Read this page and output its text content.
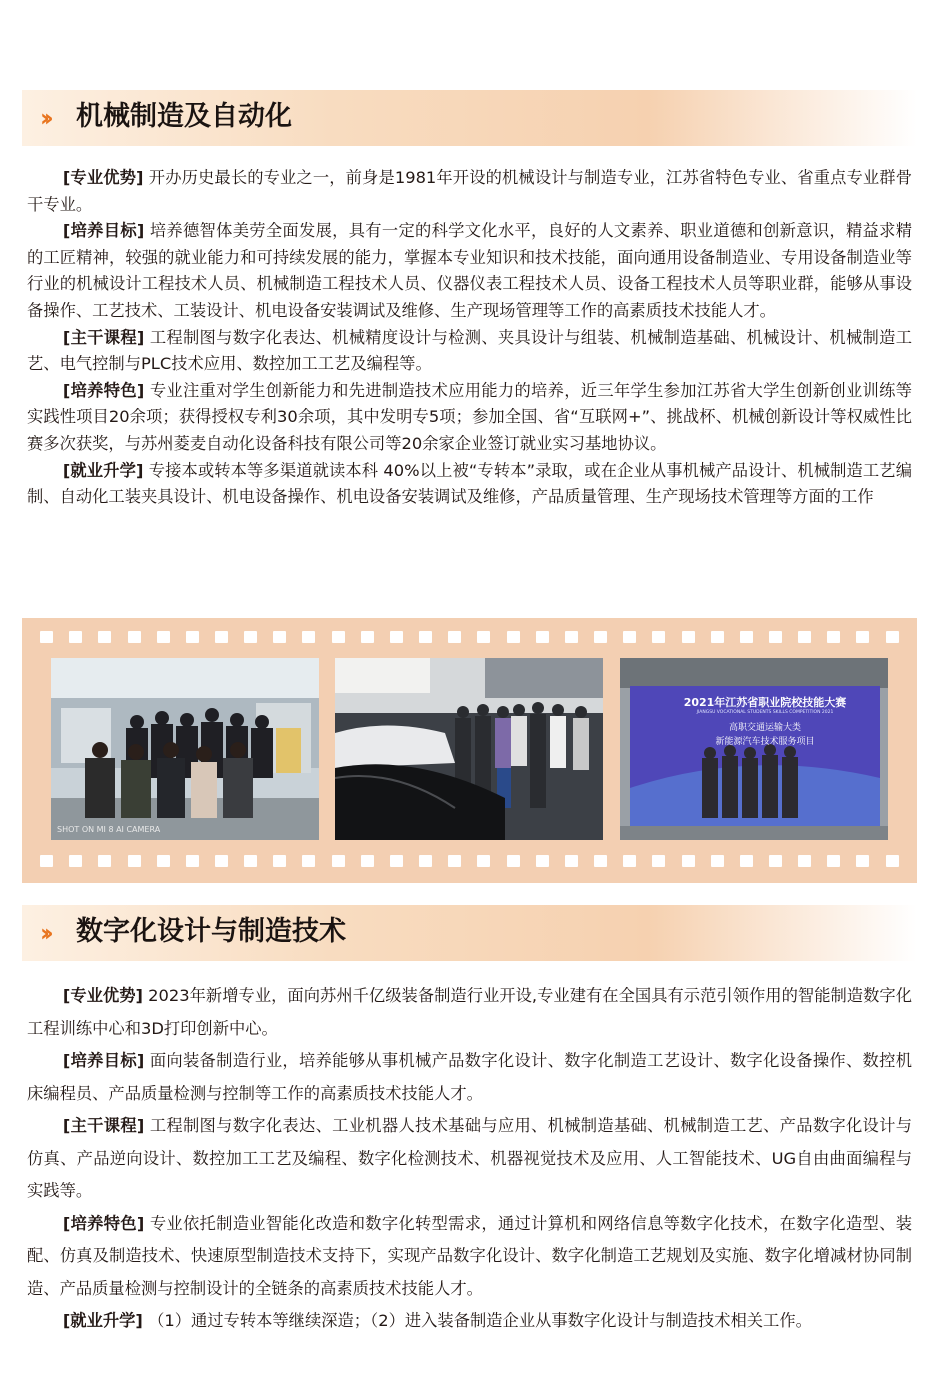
›› 机械制造及自动化

[专业优势] 开办历史最长的专业之一，前身是1981年开设的机械设计与制造专业，江苏省特色专业、省重点专业群骨干专业。

[培养目标] 培养德智体美劳全面发展，具有一定的科学文化水平，良好的人文素养、职业道德和创新意识，精益求精的工匠精神，较强的就业能力和可持续发展的能力，掌握本专业知识和技术技能，面向通用设备制造业、专用设备制造业等行业的机械设计工程技术人员、机械制造工程技术人员、仪器仪表工程技术人员、设备工程技术人员等职业群，能够从事设备操作、工艺技术、工装设计、机电设备安装调试及维修、生产现场管理等工作的高素质技术技能人才。

[主干课程] 工程制图与数字化表达、机械精度设计与检测、夹具设计与组装、机械制造基础、机械设计、机械制造工艺、电气控制与PLC技术应用、数控加工工艺及编程等。

[培养特色] 专业注重对学生创新能力和先进制造技术应用能力的培养，近三年学生参加江苏省大学生创新创业训练等实践性项目20余项；获得授权专利30余项，其中发明专5项；参加全国、省“互联网+”、挑战杯、机械创新设计等权威性比赛多次获奖，与苏州菱麦自动化设备科技有限公司等20余家企业签订就业实习基地协议。

[就业升学] 专接本或转本等多渠道就读本科 40%以上被“专转本”录取，或在企业从事机械产品设计、机械制造工艺编制、自动化工装夹具设计、机电设备操作、机电设备安装调试及维修，产品质量管理、生产现场技术管理等方面的工作

SHOT ON MI 8 AI CAMERA
2021年江苏省职业院校技能大赛
JIANGSU VOCATIONAL STUDENTS SKILLS COMPETITION 2021
高职交通运输大类
新能源汽车技术服务项目
›› 数字化设计与制造技术

[专业优势] 2023年新增专业，面向苏州千亿级装备制造行业开设,专业建有在全国具有示范引领作用的智能制造数字化工程训练中心和3D打印创新中心。

[培养目标] 面向装备制造行业，培养能够从事机械产品数字化设计、数字化制造工艺设计、数字化设备操作、数控机床编程员、产品质量检测与控制等工作的高素质技术技能人才。

[主干课程] 工程制图与数字化表达、工业机器人技术基础与应用、机械制造基础、机械制造工艺、产品数字化设计与仿真、产品逆向设计、数控加工工艺及编程、数字化检测技术、机器视觉技术及应用、人工智能技术、UG自由曲面编程与实践等。

[培养特色] 专业依托制造业智能化改造和数字化转型需求，通过计算机和网络信息等数字化技术，在数字化造型、装配、仿真及制造技术、快速原型制造技术支持下，实现产品数字化设计、数字化制造工艺规划及实施、数字化增减材协同制造、产品质量检测与控制设计的全链条的高素质技术技能人才。

[就业升学] （1）通过专转本等继续深造；（2）进入装备制造企业从事数字化设计与制造技术相关工作。
